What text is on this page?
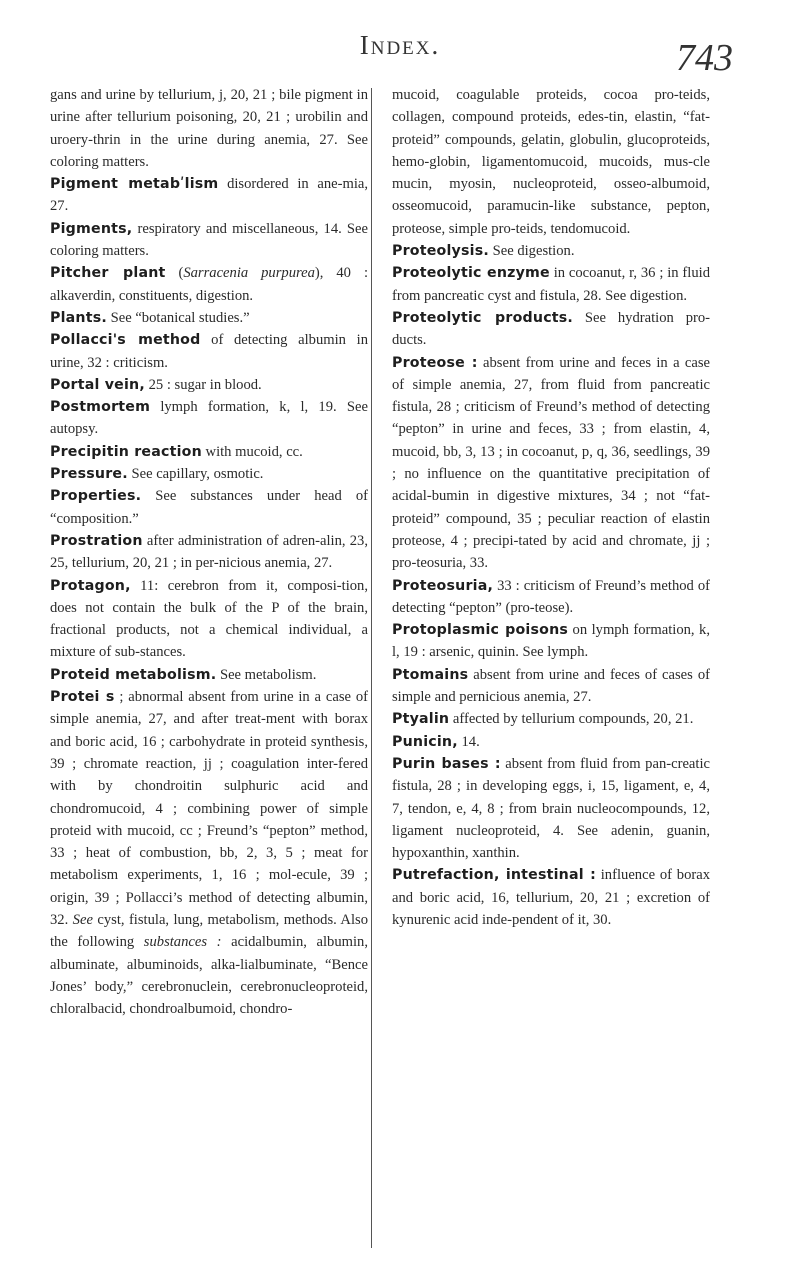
Index.	743

gans and urine by tellurium, j, 20, 21 ; bile pigment in urine after tellurium poisoning, 20, 21 ; urobilin and uroery-thrin in the urine during anemia, 27. See coloring matters.

Pigment metabʹlism disordered in ane-mia, 27.

Pigments, respiratory and miscellaneous, 14. See coloring matters.

Pitcher plant (Sarracenia purpurea), 40 : alkaverdin, constituents, digestion.

Plants. See “botanical studies.”

Pollacci's method of detecting albumin in urine, 32 : criticism.

Portal vein, 25 : sugar in blood.

Postmortem lymph formation, k, l, 19. See autopsy.

Precipitin reaction with mucoid, cc.

Pressure. See capillary, osmotic.

Properties. See substances under head of “composition.”

Prostration after administration of adren-alin, 23, 25, tellurium, 20, 21 ; in per-nicious anemia, 27.

Protagon, 11: cerebron from it, composi-tion, does not contain the bulk of the P of the brain, fractional products, not a chemical individual, a mixture of sub-stances.

Proteid metabolism. See metabolism.

Protei s ; abnormal absent from urine in a case of simple anemia, 27, and after treat-ment with borax and boric acid, 16 ; carbohydrate in proteid synthesis, 39 ; chromate reaction, jj ; coagulation inter-fered with by chondroitin sulphuric acid and chondromucoid, 4 ; combining power of simple proteid with mucoid, cc ; Freund’s “pepton” method, 33 ; heat of combustion, bb, 2, 3, 5 ; meat for metabolism experiments, 1, 16 ; mol-ecule, 39 ; origin, 39 ; Pollacci’s method of detecting albumin, 32. See cyst, fistula, lung, metabolism, methods. Also the following substances : acidalbumin, albumin, albuminate, albuminoids, alka-lialbuminate, “Bence Jones’ body,” cerebronuclein, cerebronucleoproteid, chloralbacid, chondroalbumoid, chondro-

mucoid, coagulable proteids, cocoa pro-teids, collagen, compound proteids, edes-tin, elastin, “fat-proteid” compounds, gelatin, globulin, glucoproteids, hemo-globin, ligamentomucoid, mucoids, mus-cle mucin, myosin, nucleoproteid, osseo-albumoid, osseomucoid, paramucin-like substance, pepton, proteose, simple pro-teids, tendomucoid.

Proteolysis. See digestion.

Proteolytic enzyme in cocoanut, r, 36 ; in fluid from pancreatic cyst and fistula, 28. See digestion.

Proteolytic products. See hydration pro-ducts.

Proteose : absent from urine and feces in a case of simple anemia, 27, from fluid from pancreatic fistula, 28 ; criticism of Freund’s method of detecting “pepton” in urine and feces, 33 ; from elastin, 4, mucoid, bb, 3, 13 ; in cocoanut, p, q, 36, seedlings, 39 ; no influence on the quantitative precipitation of acidal-bumin in digestive mixtures, 34 ; not “fat-proteid” compound, 35 ; peculiar reaction of elastin proteose, 4 ; precipi-tated by acid and chromate, jj ; pro-teosuria, 33.

Proteosuria, 33 : criticism of Freund’s method of detecting “pepton” (pro-teose).

Protoplasmic poisons on lymph formation, k, l, 19 : arsenic, quinin. See lymph.

Ptomains absent from urine and feces of cases of simple and pernicious anemia, 27.

Ptyalin affected by tellurium compounds, 20, 21.

Punicin, 14.

Purin bases : absent from fluid from pan-creatic fistula, 28 ; in developing eggs, i, 15, ligament, e, 4, 7, tendon, e, 4, 8 ; from brain nucleocompounds, 12, ligament nucleoproteid, 4. See adenin, guanin, hypoxanthin, xanthin.

Putrefaction, intestinal : influence of borax and boric acid, 16, tellurium, 20, 21 ; excretion of kynurenic acid inde-pendent of it, 30.
